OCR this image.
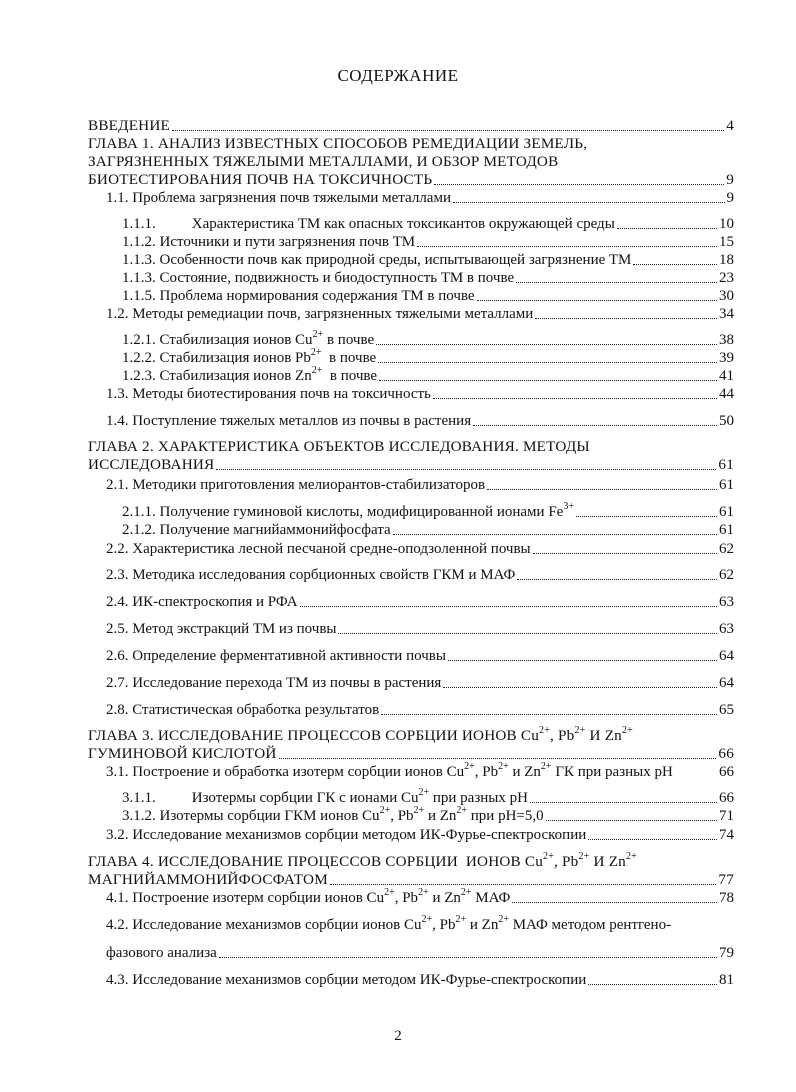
СОДЕРЖАНИЕ
ВВЕДЕНИЕ	4
ГЛАВА 1. АНАЛИЗ ИЗВЕСТНЫХ СПОСОБОВ РЕМЕДИАЦИИ ЗЕМЕЛЬ,
ЗАГРЯЗНЕННЫХ ТЯЖЕЛЫМИ МЕТАЛЛАМИ, И ОБЗОР МЕТОДОВ
БИОТЕСТИРОВАНИЯ ПОЧВ НА ТОКСИЧНОСТЬ	9
1.1. Проблема загрязнения почв тяжелыми металлами	9
1.1.1. Характеристика ТМ как опасных токсикантов окружающей среды	10
1.1.2. Источники и пути загрязнения почв ТМ	15
1.1.3. Особенности почв как природной среды, испытывающей загрязнение ТМ	18
1.1.3. Состояние, подвижность и биодоступность ТМ в почве	23
1.1.5. Проблема нормирования содержания ТМ в почве	30
1.2. Методы ремедиации почв, загрязненных тяжелыми металлами	34
1.2.1. Стабилизация ионов $Cu^{2+}$ в почве	38
1.2.2. Стабилизация ионов $Pb^{2+}$  в почве	39
1.2.3. Стабилизация ионов $Zn^{2+}$  в почве	41
1.3. Методы биотестирования почв на токсичность	44
1.4. Поступление тяжелых металлов из почвы в растения	50
ГЛАВА 2. ХАРАКТЕРИСТИКА ОБЪЕКТОВ ИССЛЕДОВАНИЯ. МЕТОДЫ
ИССЛЕДОВАНИЯ	61
2.1. Методики приготовления мелиорантов-стабилизаторов	61
2.1.1. Получение гуминовой кислоты, модифицированной ионами $Fe^{3+}$	61
2.1.2. Получение магнийаммонийфосфата	61
2.2. Характеристика лесной песчаной средне-оподзоленной почвы	62
2.3. Методика исследования сорбционных свойств ГКМ и МАФ	62
2.4. ИК-спектроскопия и РФА	63
2.5. Метод экстракций ТМ из почвы	63
2.6. Определение ферментативной активности почвы	64
2.7. Исследование перехода ТМ из почвы в растения	64
2.8. Статистическая обработка результатов	65
ГЛАВА 3. ИССЛЕДОВАНИЕ ПРОЦЕССОВ СОРБЦИИ ИОНОВ $Cu^{2+}$, $Pb^{2+}$ И $Zn^{2+}$
ГУМИНОВОЙ КИСЛОТОЙ	66
3.1. Построение и обработка изотерм сорбции ионов $Cu^{2+}$, $Pb^{2+}$ и $Zn^{2+}$ ГК при разных pH	66
3.1.1. Изотермы сорбции ГК с ионами $Cu^{2+}$ при разных pH	66
3.1.2. Изотермы сорбции ГКМ ионов $Cu^{2+}$, $Pb^{2+}$ и $Zn^{2+}$ при pH=5,0	71
3.2. Исследование механизмов сорбции методом ИК-Фурье-спектроскопии	74
ГЛАВА 4. ИССЛЕДОВАНИЕ ПРОЦЕССОВ СОРБЦИИ  ИОНОВ $Cu^{2+}$, $Pb^{2+}$ И $Zn^{2+}$
МАГНИЙАММОНИЙФОСФАТОМ	77
4.1. Построение изотерм сорбции ионов $Cu^{2+}$, $Pb^{2+}$ и $Zn^{2+}$ МАФ	78
4.2. Исследование механизмов сорбции ионов $Cu^{2+}$, $Pb^{2+}$ и $Zn^{2+}$ МАФ методом рентгено-
фазового анализа	79
4.3. Исследование механизмов сорбции методом ИК-Фурье-спектроскопии	81
2
